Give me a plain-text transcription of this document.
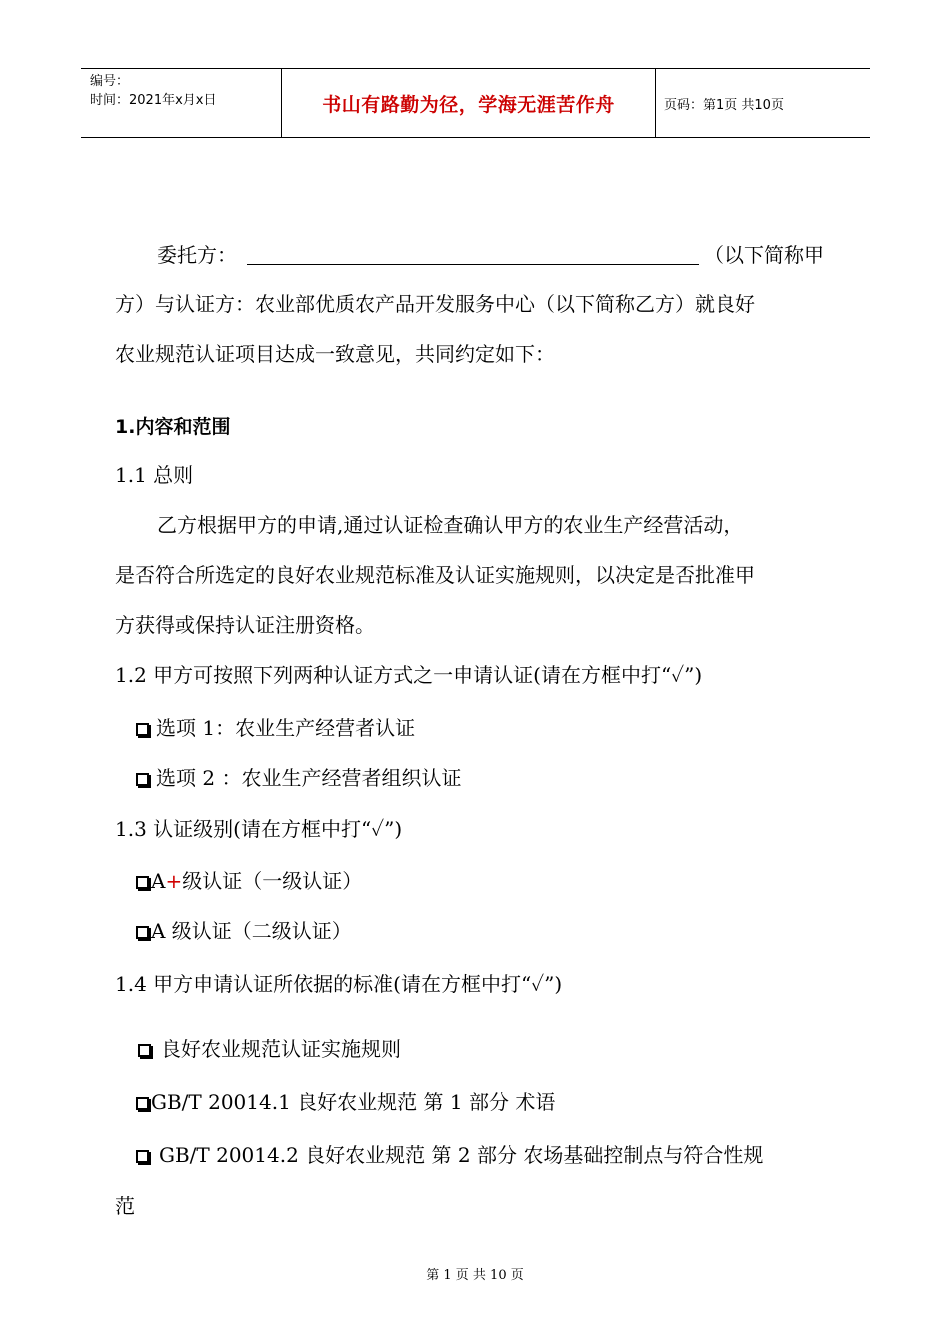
编号：
时间：2021年x月x日	书山有路勤为径，学海无涯苦作舟	页码：第1页 共10页
委托方：	（以下简称甲
方）与认证方：农业部优质农产品开发服务中心（以下简称乙方）就良好
农业规范认证项目达成一致意见，共同约定如下：
1.内容和范围
1.1 总则
乙方根据甲方的申请,通过认证检查确认甲方的农业生产经营活动，
是否符合所选定的良好农业规范标准及认证实施规则，以决定是否批准甲
方获得或保持认证注册资格。
1.2 甲方可按照下列两种认证方式之一申请认证(请在方框中打“✓”)
选项 1：农业生产经营者认证
选项 2 ：农业生产经营者组织认证
1.3 认证级别(请在方框中打“✓”)
A+级认证（一级认证）
A 级认证（二级认证）
1.4 甲方申请认证所依据的标准(请在方框中打“✓”)
良好农业规范认证实施规则
GB/T 20014.1 良好农业规范 第 1 部分 术语
GB/T 20014.2 良好农业规范 第 2 部分 农场基础控制点与符合性规
范
第 1 页 共 10 页
